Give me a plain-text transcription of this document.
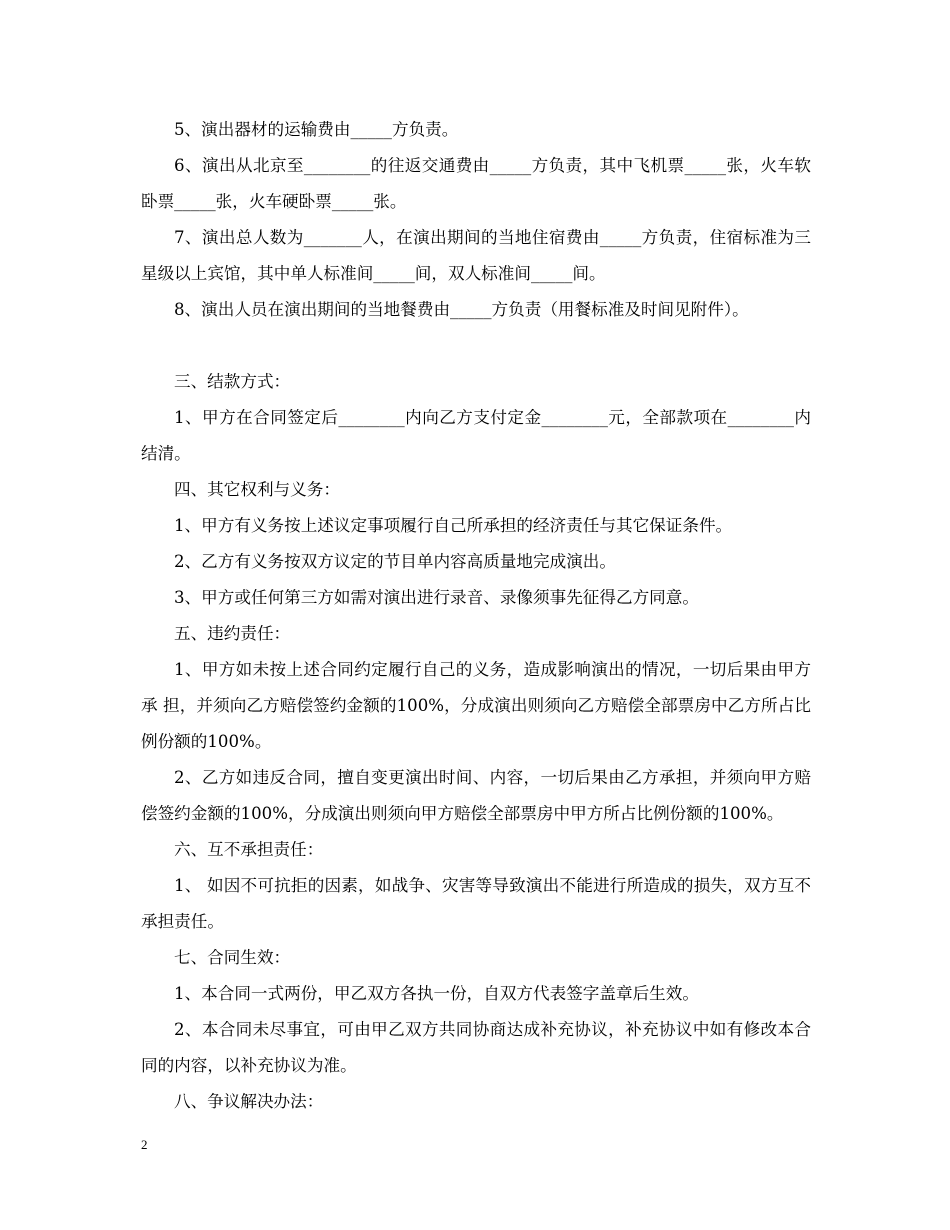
5、演出器材的运输费由_____方负责。

6、演出从北京至________的往返交通费由_____方负责，其中飞机票_____张，火车软卧票_____张，火车硬卧票_____张。

7、演出总人数为_______人，在演出期间的当地住宿费由_____方负责，住宿标准为三星级以上宾馆，其中单人标准间_____间，双人标准间_____间。

8、演出人员在演出期间的当地餐费由_____方负责（用餐标准及时间见附件）。

三、结款方式：

1、甲方在合同签定后________内向乙方支付定金________元，全部款项在________内结清。

四、其它权利与义务：

1、甲方有义务按上述议定事项履行自己所承担的经济责任与其它保证条件。

2、乙方有义务按双方议定的节目单内容高质量地完成演出。

3、甲方或任何第三方如需对演出进行录音、录像须事先征得乙方同意。

五、违约责任：

1、甲方如未按上述合同约定履行自己的义务，造成影响演出的情况，一切后果由甲方 承 担，并须向乙方赔偿签约金额的100%，分成演出则须向乙方赔偿全部票房中乙方所占比例份额的100%。

2、乙方如违反合同，擅自变更演出时间、内容，一切后果由乙方承担，并须向甲方赔偿签约金额的100%，分成演出则须向甲方赔偿全部票房中甲方所占比例份额的100%。

六、互不承担责任：

1、 如因不可抗拒的因素，如战争、灾害等导致演出不能进行所造成的损失，双方互不承担责任。

七、合同生效：

1、本合同一式两份，甲乙双方各执一份，自双方代表签字盖章后生效。

2、本合同未尽事宜，可由甲乙双方共同协商达成补充协议，补充协议中如有修改本合同的内容，以补充协议为准。

八、争议解决办法：

2
